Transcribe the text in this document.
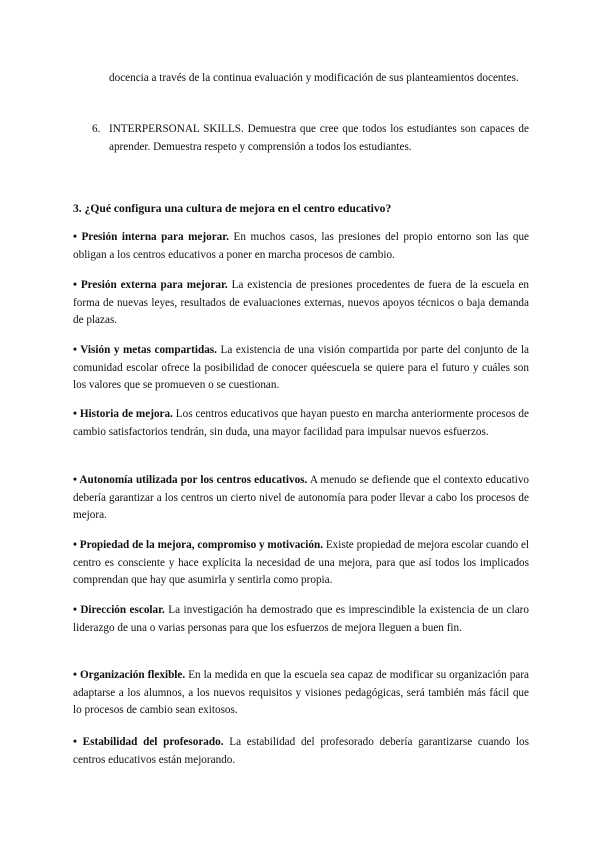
docencia a través de la continua evaluación y modificación de sus planteamientos docentes.
6. INTERPERSONAL SKILLS. Demuestra que cree que todos los estudiantes son capaces de aprender. Demuestra respeto y comprensión a todos los estudiantes.
3. ¿Qué configura una cultura de mejora en el centro educativo?
• Presión interna para mejorar. En muchos casos, las presiones del propio entorno son las que obligan a los centros educativos a poner en marcha procesos de cambio.
• Presión externa para mejorar. La existencia de presiones procedentes de fuera de la escuela en forma de nuevas leyes, resultados de evaluaciones externas, nuevos apoyos técnicos o baja demanda de plazas.
• Visión y metas compartidas. La existencia de una visión compartida por parte del conjunto de la comunidad escolar ofrece la posibilidad de conocer quéescuela se quiere para el futuro y cuáles son los valores que se promueven o se cuestionan.
• Historia de mejora. Los centros educativos que hayan puesto en marcha anteriormente procesos de cambio satisfactorios tendrán, sin duda, una mayor facilidad para impulsar nuevos esfuerzos.
• Autonomía utilizada por los centros educativos. A menudo se defiende que el contexto educativo debería garantizar a los centros un cierto nivel de autonomía para poder llevar a cabo los procesos de mejora.
• Propiedad de la mejora, compromiso y motivación. Existe propiedad de mejora escolar cuando el centro es consciente y hace explícita la necesidad de una mejora, para que así todos los implicados comprendan que hay que asumirla y sentirla como propia.
• Dirección escolar. La investigación ha demostrado que es imprescindible la existencia de un claro liderazgo de una o varias personas para que los esfuerzos de mejora lleguen a buen fin.
• Organización flexible. En la medida en que la escuela sea capaz de modificar su organización para adaptarse a los alumnos, a los nuevos requisitos y visiones pedagógicas, será también más fácil que lo procesos de cambio sean exitosos.
• Estabilidad del profesorado. La estabilidad del profesorado debería garantizarse cuando los centros educativos están mejorando.
